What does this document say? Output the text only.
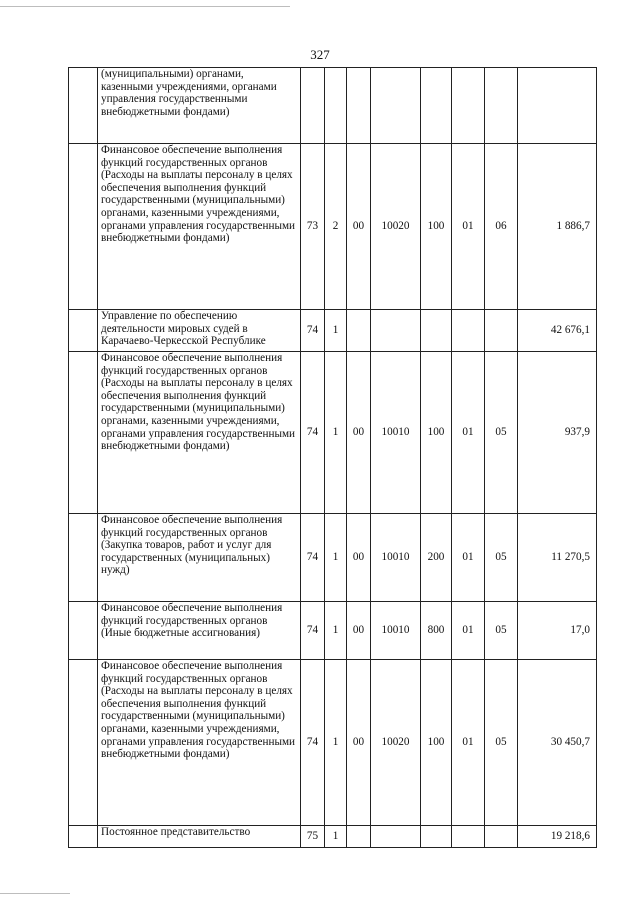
327
	(муниципальными) органами, казенными учреждениями, органами управления государственными внебюджетными фондами)								
	Финансовое обеспечение выполнения функций государственных органов (Расходы на выплаты персоналу в целях обеспечения выполнения функций государственными (муниципальными) органами, казенными учреждениями, органами управления государственными внебюджетными фондами)	73	2	00	10020	100	01	06	1 886,7
	Управление по обеспечению деятельности мировых судей в Карачаево-Черкесской Республике	74	1						42 676,1
	Финансовое обеспечение выполнения функций государственных органов (Расходы на выплаты персоналу в целях обеспечения выполнения функций государственными (муниципальными) органами, казенными учреждениями, органами управления государственными внебюджетными фондами)	74	1	00	10010	100	01	05	937,9
	Финансовое обеспечение выполнения функций государственных органов (Закупка товаров, работ и услуг для государственных (муниципальных) нужд)	74	1	00	10010	200	01	05	11 270,5
	Финансовое обеспечение выполнения функций государственных органов (Иные бюджетные ассигнования)	74	1	00	10010	800	01	05	17,0
	Финансовое обеспечение выполнения функций государственных органов (Расходы на выплаты персоналу в целях обеспечения выполнения функций государственными (муниципальными) органами, казенными учреждениями, органами управления государственными внебюджетными фондами)	74	1	00	10020	100	01	05	30 450,7
	Постоянное представительство	75	1						19 218,6
